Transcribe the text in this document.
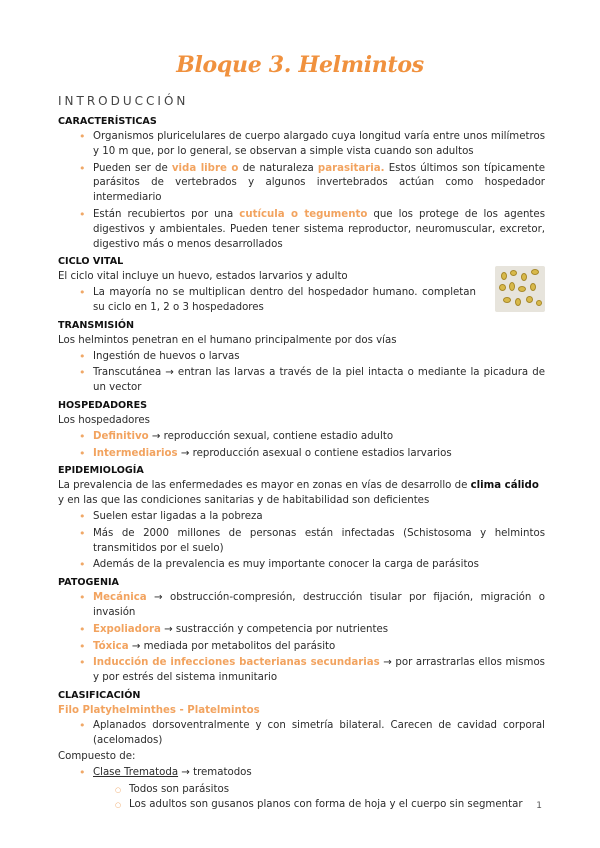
Bloque 3. Helmintos
INTRODUCCIÓN
CARACTERÍSTICAS
• Organismos pluricelulares de cuerpo alargado cuya longitud varía entre unos milímetros y 10 m que, por lo general, se observan a simple vista cuando son adultos
• Pueden ser de vida libre o de naturaleza parasitaria. Estos últimos son típicamente parásitos de vertebrados y algunos invertebrados actúan como hospedador intermediario
• Están recubiertos por una cutícula o tegumento que los protege de los agentes digestivos y ambientales. Pueden tener sistema reproductor, neuromuscular, excretor, digestivo más o menos desarrollados
CICLO VITAL

El ciclo vital incluye un huevo, estados larvarios y adulto

• La mayoría no se multiplican dentro del hospedador humano. completan su ciclo en 1, 2 o 3 hospedadores
TRANSMISIÓN

Los helmintos penetran en el humano principalmente por dos vías

• Ingestión de huevos o larvas
• Transcutánea → entran las larvas a través de la piel intacta o mediante la picadura de un vector
HOSPEDADORES

Los hospedadores

• Definitivo → reproducción sexual, contiene estadio adulto
• Intermediarios → reproducción asexual o contiene estadios larvarios
EPIDEMIOLOGÍA

La prevalencia de las enfermedades es mayor en zonas en vías de desarrollo de clima cálido y en las que las condiciones sanitarias y de habitabilidad son deficientes

• Suelen estar ligadas a la pobreza
• Más de 2000 millones de personas están infectadas (Schistosoma y helmintos transmitidos por el suelo)
• Además de la prevalencia es muy importante conocer la carga de parásitos
PATOGENIA
• Mecánica → obstrucción-compresión, destrucción tisular por fijación, migración o invasión
• Expoliadora → sustracción y competencia por nutrientes
• Tóxica → mediada por metabolitos del parásito
• Inducción de infecciones bacterianas secundarias → por arrastrarlas ellos mismos y por estrés del sistema inmunitario
CLASIFICACIÓN
Filo Platyhelminthes - Platelmintos
• Aplanados dorsoventralmente y con simetría bilateral. Carecen de cavidad corporal (acelomados)

Compuesto de:

• Clase Trematoda → trematodos
○ Todos son parásitos
○ Los adultos son gusanos planos con forma de hoja y el cuerpo sin segmentar	1
